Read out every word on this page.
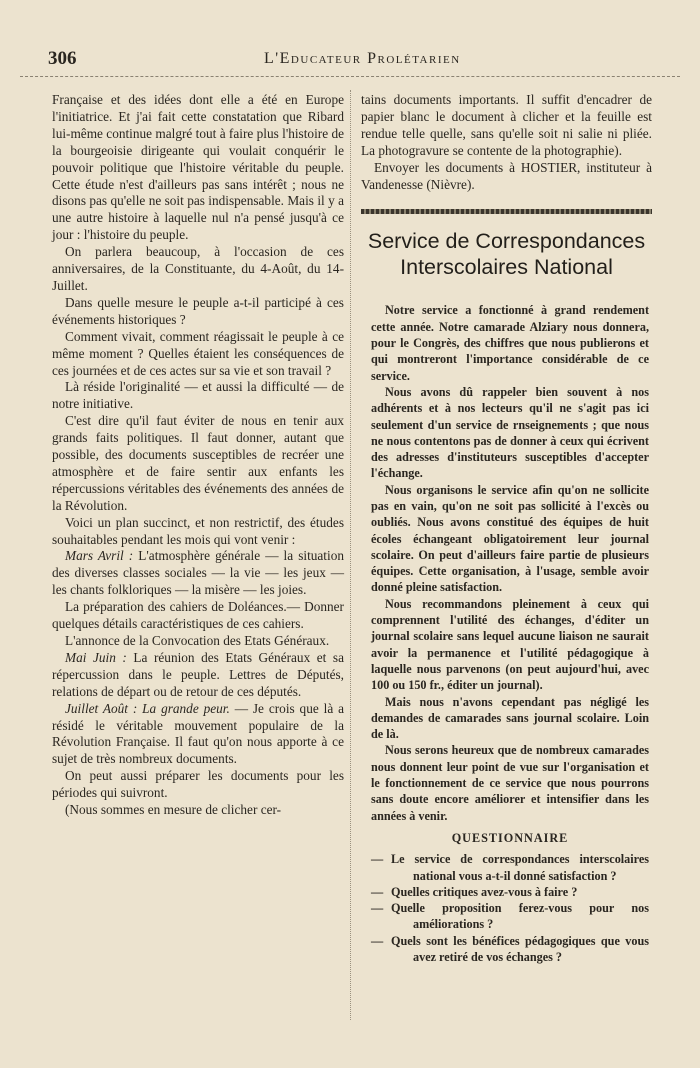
306	L'Educateur Prolétarien

Française et des idées dont elle a été en Europe l'initiatrice. Et j'ai fait cette constatation que Ribard lui-même continue malgré tout à faire plus l'histoire de la bourgeoisie dirigeante qui voulait conquérir le pouvoir politique que l'histoire véritable du peuple. Cette étude n'est d'ailleurs pas sans intérêt ; nous ne disons pas qu'elle ne soit pas indispensable. Mais il y a une autre histoire à laquelle nul n'a pensé jusqu'à ce jour : l'histoire du peuple.

On parlera beaucoup, à l'occasion de ces anniversaires, de la Constituante, du 4-Août, du 14-Juillet.

Dans quelle mesure le peuple a-t-il participé à ces événements historiques ?

Comment vivait, comment réagissait le peuple à ce même moment ? Quelles étaient les conséquences de ces journées et de ces actes sur sa vie et son travail ?

Là réside l'originalité — et aussi la difficulté — de notre initiative.

C'est dire qu'il faut éviter de nous en tenir aux grands faits politiques. Il faut donner, autant que possible, des documents susceptibles de recréer une atmosphère et de faire sentir aux enfants les répercussions véritables des événements des années de la Révolution.

Voici un plan succinct, et non restrictif, des études souhaitables pendant les mois qui vont venir :

Mars Avril : L'atmosphère générale — la situation des diverses classes sociales — la vie — les jeux — les chants folkloriques — la misère — les joies.

La préparation des cahiers de Doléances.— Donner quelques détails caractéristiques de ces cahiers.

L'annonce de la Convocation des Etats Généraux.

Mai Juin : La réunion des Etats Généraux et sa répercussion dans le peuple. Lettres de Députés, relations de départ ou de retour de ces députés.

Juillet Août : La grande peur. — Je crois que là a résidé le véritable mouvement populaire de la Révolution Française. Il faut qu'on nous apporte à ce sujet de très nombreux documents.

On peut aussi préparer les documents pour les périodes qui suivront.

(Nous sommes en mesure de clicher cer-

tains documents importants. Il suffit d'encadrer de papier blanc le document à clicher et la feuille est rendue telle quelle, sans qu'elle soit ni salie ni pliée. La photogravure se contente de la photographie).

Envoyer les documents à HOSTIER, instituteur à Vandenesse (Nièvre).

Service de Correspondances
Interscolaires National

Notre service a fonctionné à grand rendement cette année. Notre camarade Alziary nous donnera, pour le Congrès, des chiffres que nous publierons et qui montreront l'importance considérable de ce service.

Nous avons dû rappeler bien souvent à nos adhérents et à nos lecteurs qu'il ne s'agit pas ici seulement d'un service de rnseignements ; que nous ne nous contentons pas de donner à ceux qui écrivent des adresses d'instituteurs susceptibles d'accepter l'échange.

Nous organisons le service afin qu'on ne sollicite pas en vain, qu'on ne soit pas sollicité à l'excès ou oubliés. Nous avons constitué des équipes de huit écoles échangeant obligatoirement leur journal scolaire. On peut d'ailleurs faire partie de plusieurs équipes. Cette organisation, à l'usage, semble avoir donné pleine satisfaction.

Nous recommandons pleinement à ceux qui comprennent l'utilité des échanges, d'éditer un journal scolaire sans lequel aucune liaison ne saurait avoir la permanence et l'utilité pédagogique à laquelle nous parvenons (on peut aujourd'hui, avec 100 ou 150 fr., éditer un journal).

Mais nous n'avons cependant pas négligé les demandes de camarades sans journal scolaire. Loin de là.

Nous serons heureux que de nombreux camarades nous donnent leur point de vue sur l'organisation et le fonctionnement de ce service que nous pourrons sans doute encore améliorer et intensifier dans les années à venir.

QUESTIONNAIRE
— Le service de correspondances interscolaires national vous a-t-il donné satisfaction ?
— Quelles critiques avez-vous à faire ?
— Quelle proposition ferez-vous pour nos améliorations ?
— Quels sont les bénéfices pédagogiques que vous avez retiré de vos échanges ?
